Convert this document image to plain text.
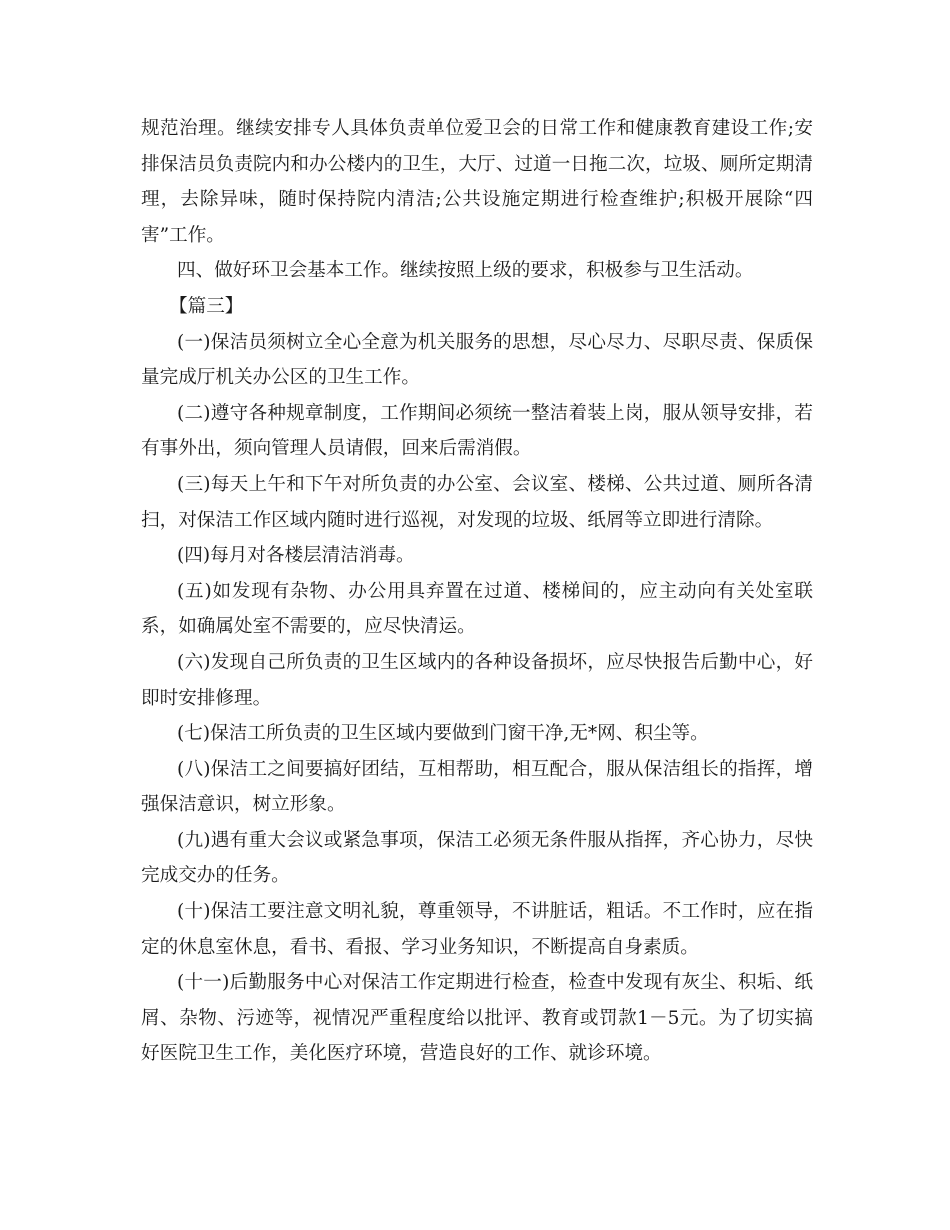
规范治理。继续安排专人具体负责单位爱卫会的日常工作和健康教育建设工作;安排保洁员负责院内和办公楼内的卫生，大厅、过道一日拖二次，垃圾、厕所定期清理，去除异味，随时保持院内清洁;公共设施定期进行检查维护;积极开展除“四害”工作。

四、做好环卫会基本工作。继续按照上级的要求，积极参与卫生活动。

【篇三】

(一)保洁员须树立全心全意为机关服务的思想，尽心尽力、尽职尽责、保质保量完成厅机关办公区的卫生工作。

(二)遵守各种规章制度，工作期间必须统一整洁着装上岗，服从领导安排，若有事外出，须向管理人员请假，回来后需消假。

(三)每天上午和下午对所负责的办公室、会议室、楼梯、公共过道、厕所各清扫，对保洁工作区域内随时进行巡视，对发现的垃圾、纸屑等立即进行清除。

(四)每月对各楼层清洁消毒。

(五)如发现有杂物、办公用具弃置在过道、楼梯间的，应主动向有关处室联系，如确属处室不需要的，应尽快清运。

(六)发现自己所负责的卫生区域内的各种设备损坏，应尽快报告后勤中心，好即时安排修理。

(七)保洁工所负责的卫生区域内要做到门窗干净,无*网、积尘等。

(八)保洁工之间要搞好团结，互相帮助，相互配合，服从保洁组长的指挥，增强保洁意识，树立形象。

(九)遇有重大会议或紧急事项，保洁工必须无条件服从指挥，齐心协力，尽快完成交办的任务。

(十)保洁工要注意文明礼貌，尊重领导，不讲脏话，粗话。不工作时，应在指定的休息室休息，看书、看报、学习业务知识，不断提高自身素质。

(十一)后勤服务中心对保洁工作定期进行检查，检查中发现有灰尘、积垢、纸屑、杂物、污迹等，视情况严重程度给以批评、教育或罚款1－5元。为了切实搞好医院卫生工作，美化医疗环境，营造良好的工作、就诊环境。
